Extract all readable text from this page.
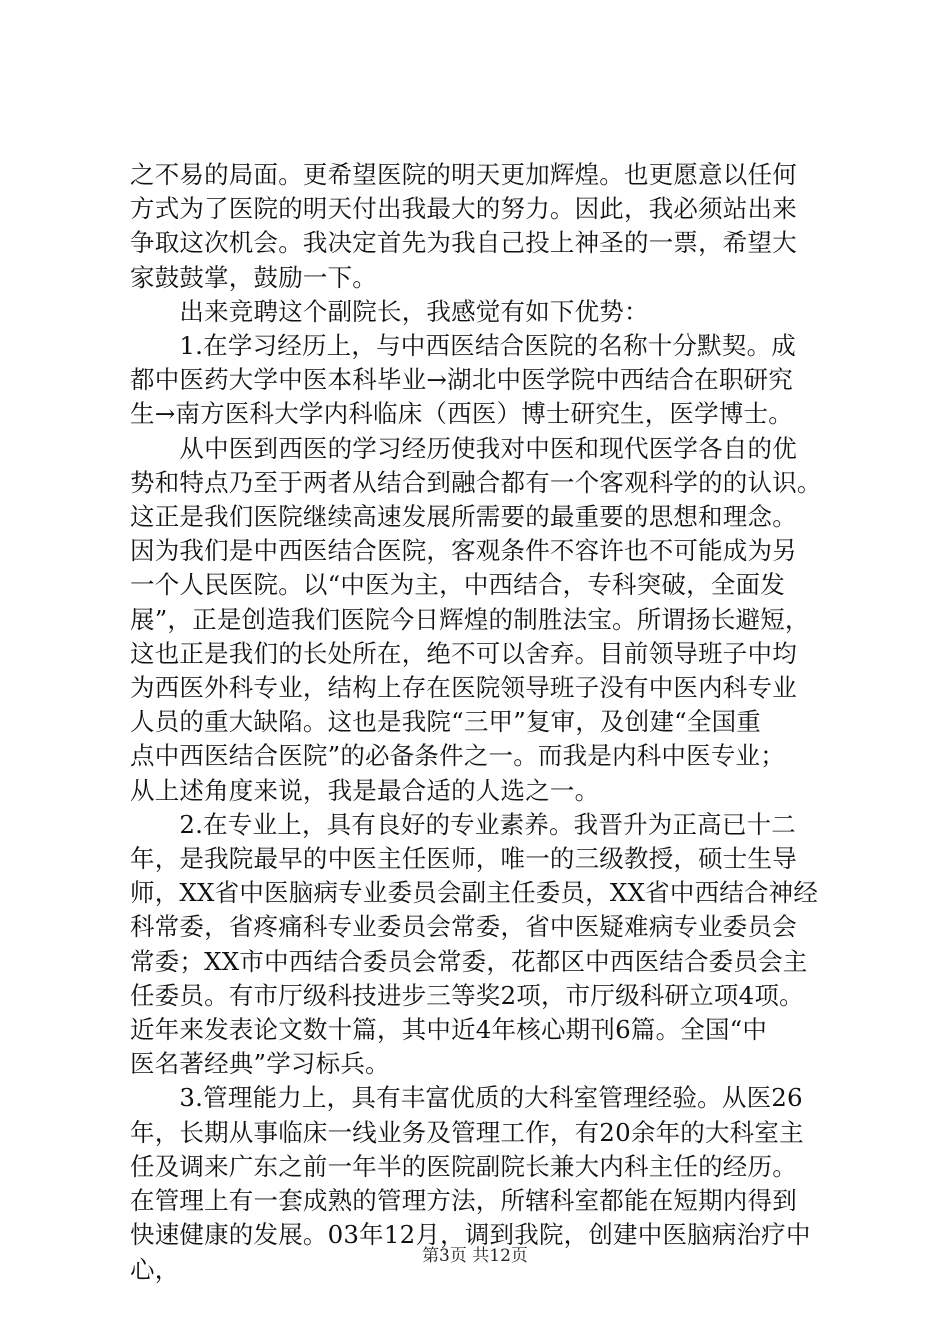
之不易的局面。更希望医院的明天更加辉煌。也更愿意以任何
方式为了医院的明天付出我最大的努力。因此，我必须站出来
争取这次机会。我决定首先为我自己投上神圣的一票，希望大
家鼓鼓掌，鼓励一下。
　　出来竞聘这个副院长，我感觉有如下优势：
　　1.在学习经历上，与中西医结合医院的名称十分默契。成
都中医药大学中医本科毕业→湖北中医学院中西结合在职研究
生→南方医科大学内科临床（西医）博士研究生，医学博士。
　　从中医到西医的学习经历使我对中医和现代医学各自的优
势和特点乃至于两者从结合到融合都有一个客观科学的的认识。
这正是我们医院继续高速发展所需要的最重要的思想和理念。
因为我们是中西医结合医院，客观条件不容许也不可能成为另
一个人民医院。以“中医为主，中西结合，专科突破，全面发
展”，正是创造我们医院今日辉煌的制胜法宝。所谓扬长避短，
这也正是我们的长处所在，绝不可以舍弃。目前领导班子中均
为西医外科专业，结构上存在医院领导班子没有中医内科专业
人员的重大缺陷。这也是我院“三甲”复审，及创建“全国重
点中西医结合医院”的必备条件之一。而我是内科中医专业；
从上述角度来说，我是最合适的人选之一。
　　2.在专业上，具有良好的专业素养。我晋升为正高已十二
年，是我院最早的中医主任医师，唯一的三级教授，硕士生导
师，XX省中医脑病专业委员会副主任委员，XX省中西结合神经
科常委，省疼痛科专业委员会常委，省中医疑难病专业委员会
常委；XX市中西结合委员会常委，花都区中西医结合委员会主
任委员。有市厅级科技进步三等奖2项，市厅级科研立项4项。
近年来发表论文数十篇，其中近4年核心期刊6篇。全国“中
医名著经典”学习标兵。
　　3.管理能力上，具有丰富优质的大科室管理经验。从医26
年，长期从事临床一线业务及管理工作，有20余年的大科室主
任及调来广东之前一年半的医院副院长兼大内科主任的经历。
在管理上有一套成熟的管理方法，所辖科室都能在短期内得到
快速健康的发展。03年12月，调到我院，创建中医脑病治疗中
心，	第3页 共12页
